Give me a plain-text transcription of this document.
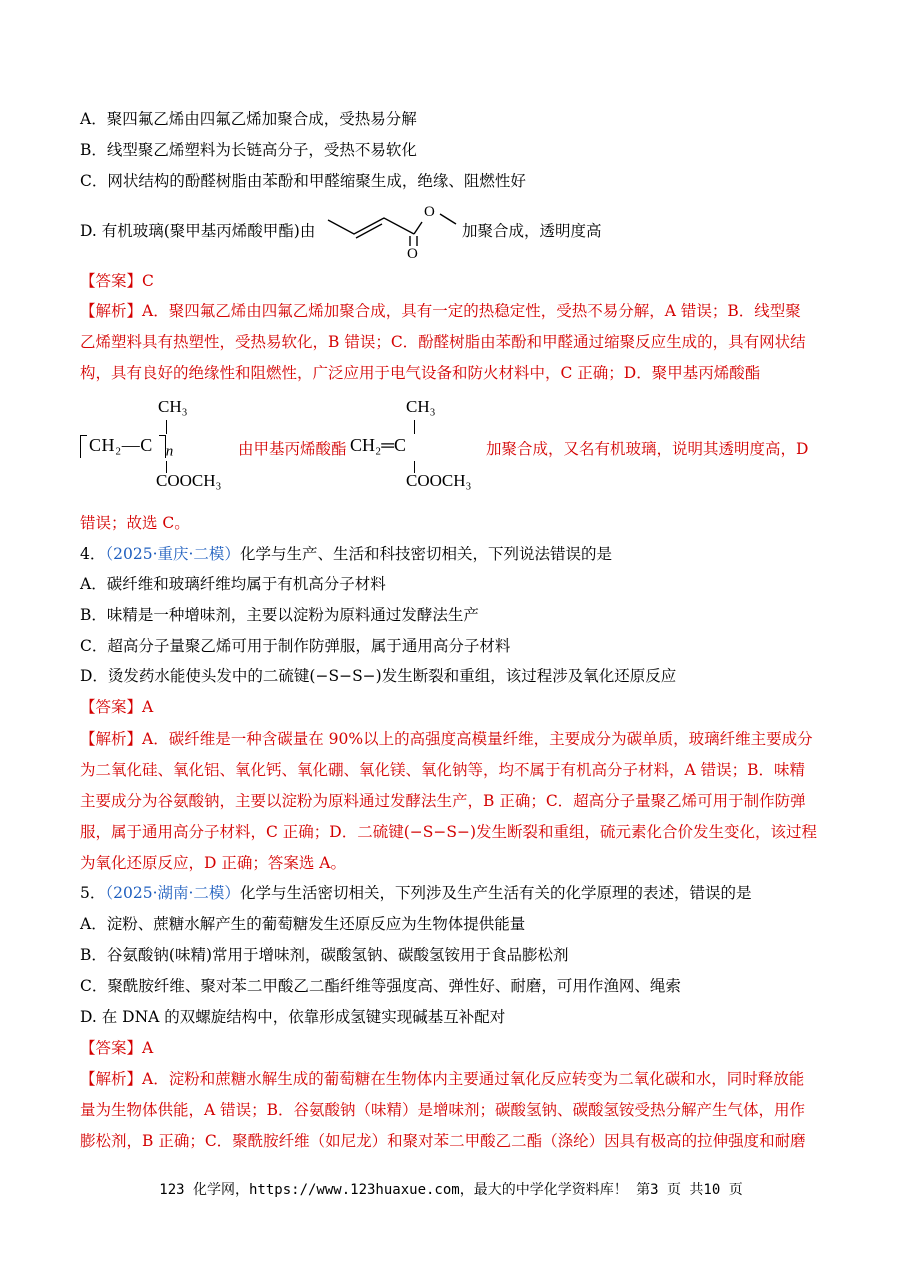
A．聚四氟乙烯由四氟乙烯加聚合成，受热易分解
B．线型聚乙烯塑料为长链高分子，受热不易软化
C．网状结构的酚醛树脂由苯酚和甲醛缩聚生成，绝缘、阻燃性好
D. 有机玻璃(聚甲基丙烯酸甲酯)由
O
O
加聚合成，透明度高
【答案】C
【解析】A．聚四氟乙烯由四氟乙烯加聚合成，具有一定的热稳定性，受热不易分解，A 错误；B．线型聚
乙烯塑料具有热塑性，受热易软化，B 错误；C．酚醛树脂由苯酚和甲醛通过缩聚反应生成的，具有网状结
构，具有良好的绝缘性和阻燃性，广泛应用于电气设备和防火材料中，C 正确；D．聚甲基丙烯酸酯
CH₃
CH₂—C $_n$
COOCH₃
由甲基丙烯酸酯
CH₃
CH₂═C
COOCH₃
加聚合成，又名有机玻璃，说明其透明度高，D
错误；故选 C。
4．（2025·重庆·二模）化学与生产、生活和科技密切相关，下列说法错误的是
A．碳纤维和玻璃纤维均属于有机高分子材料
B．味精是一种增味剂，主要以淀粉为原料通过发酵法生产
C．超高分子量聚乙烯可用于制作防弹服，属于通用高分子材料
D．烫发药水能使头发中的二硫键(−S−S−)发生断裂和重组，该过程涉及氧化还原反应
【答案】A
【解析】A．碳纤维是一种含碳量在 90%以上的高强度高模量纤维，主要成分为碳单质，玻璃纤维主要成分
为二氧化硅、氧化铝、氧化钙、氧化硼、氧化镁、氧化钠等，均不属于有机高分子材料，A 错误；B．味精
主要成分为谷氨酸钠，主要以淀粉为原料通过发酵法生产，B 正确；C．超高分子量聚乙烯可用于制作防弹
服，属于通用高分子材料，C 正确；D．二硫键(−S−S−)发生断裂和重组，硫元素化合价发生变化，该过程
为氧化还原反应，D 正确；答案选 A。
5．（2025·湖南·二模）化学与生活密切相关，下列涉及生产生活有关的化学原理的表述，错误的是
A．淀粉、蔗糖水解产生的葡萄糖发生还原反应为生物体提供能量
B．谷氨酸钠(味精)常用于增味剂，碳酸氢钠、碳酸氢铵用于食品膨松剂
C．聚酰胺纤维、聚对苯二甲酸乙二酯纤维等强度高、弹性好、耐磨，可用作渔网、绳索
D. 在 DNA 的双螺旋结构中，依靠形成氢键实现碱基互补配对
【答案】A
【解析】A．淀粉和蔗糖水解生成的葡萄糖在生物体内主要通过氧化反应转变为二氧化碳和水，同时释放能
量为生物体供能，A 错误；B．谷氨酸钠（味精）是增味剂；碳酸氢钠、碳酸氢铵受热分解产生气体，用作
膨松剂，B 正确；C．聚酰胺纤维（如尼龙）和聚对苯二甲酸乙二酯（涤纶）因具有极高的拉伸强度和耐磨
123 化学网，https://www.123huaxue.com，最大的中学化学资料库！ 第3 页 共10 页
